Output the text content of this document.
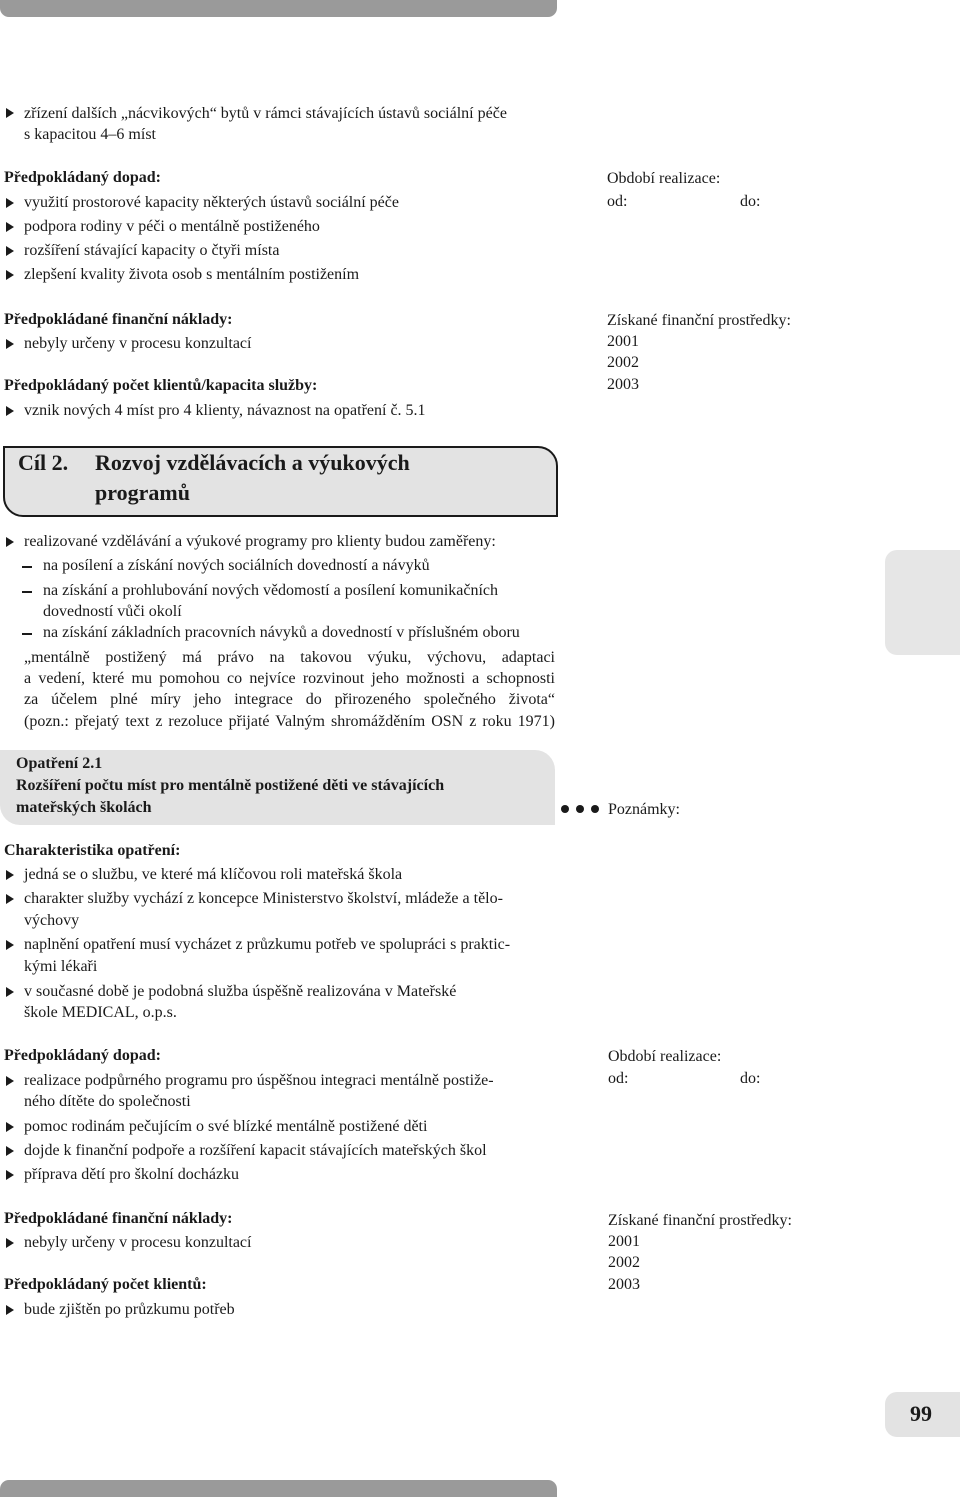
zřízení dalších „nácvikových“ bytů v rámci stávajících ústavů sociální péče
s kapacitou 4–6 míst
Předpokládaný dopad:
využití prostorové kapacity některých ústavů sociální péče
podpora rodiny v péči o mentálně postiženého
rozšíření stávající kapacity o čtyři místa
zlepšení kvality života osob s mentálním postižením
Předpokládané finanční náklady:
nebyly určeny v procesu konzultací
Předpokládaný počet klientů/kapacita služby:
vznik nových 4 míst pro 4 klienty, návaznost na opatření č. 5.1
Období realizace:
od:	do:
Získané finanční prostředky:
2001
2002
2003
Cíl 2. Rozvoj vzdělávacích a výukových
programů
realizované vzdělávání a výukové programy pro klienty budou zaměřeny:
na posílení a získání nových sociálních dovedností a návyků
na získání a prohlubování nových vědomostí a posílení komunikačních
dovedností vůči okolí
na získání základních pracovních návyků a dovedností v příslušném oboru
„mentálně postižený má právo na takovou výuku, výchovu, adaptaci
a vedení, které mu pomohou co nejvíce rozvinout jeho možnosti a schopnosti
za účelem plné míry jeho integrace do přirozeného společného života“
(pozn.: přejatý text z rezoluce přijaté Valným shromážděním OSN z roku 1971)
Opatření 2.1
Rozšíření počtu míst pro mentálně postižené děti ve stávajících
mateřských školách	Poznámky:
Charakteristika opatření:
jedná se o službu, ve které má klíčovou roli mateřská škola
charakter služby vychází z koncepce Ministerstvo školství, mládeže a tělo-
výchovy
naplnění opatření musí vycházet z průzkumu potřeb ve spolupráci s praktic-
kými lékaři
v současné době je podobná služba úspěšně realizována v Mateřské
škole MEDICAL, o.p.s.
Předpokládaný dopad:
realizace podpůrného programu pro úspěšnou integraci mentálně postiže-
ného dítěte do společnosti
pomoc rodinám pečujícím o své blízké mentálně postižené děti
dojde k finanční podpoře a rozšíření kapacit stávajících mateřských škol
příprava dětí pro školní docházku
Předpokládané finanční náklady:
nebyly určeny v procesu konzultací
Předpokládaný počet klientů:
bude zjištěn po průzkumu potřeb
Období realizace:
od:	do:
Získané finanční prostředky:
2001
2002
2003
99
